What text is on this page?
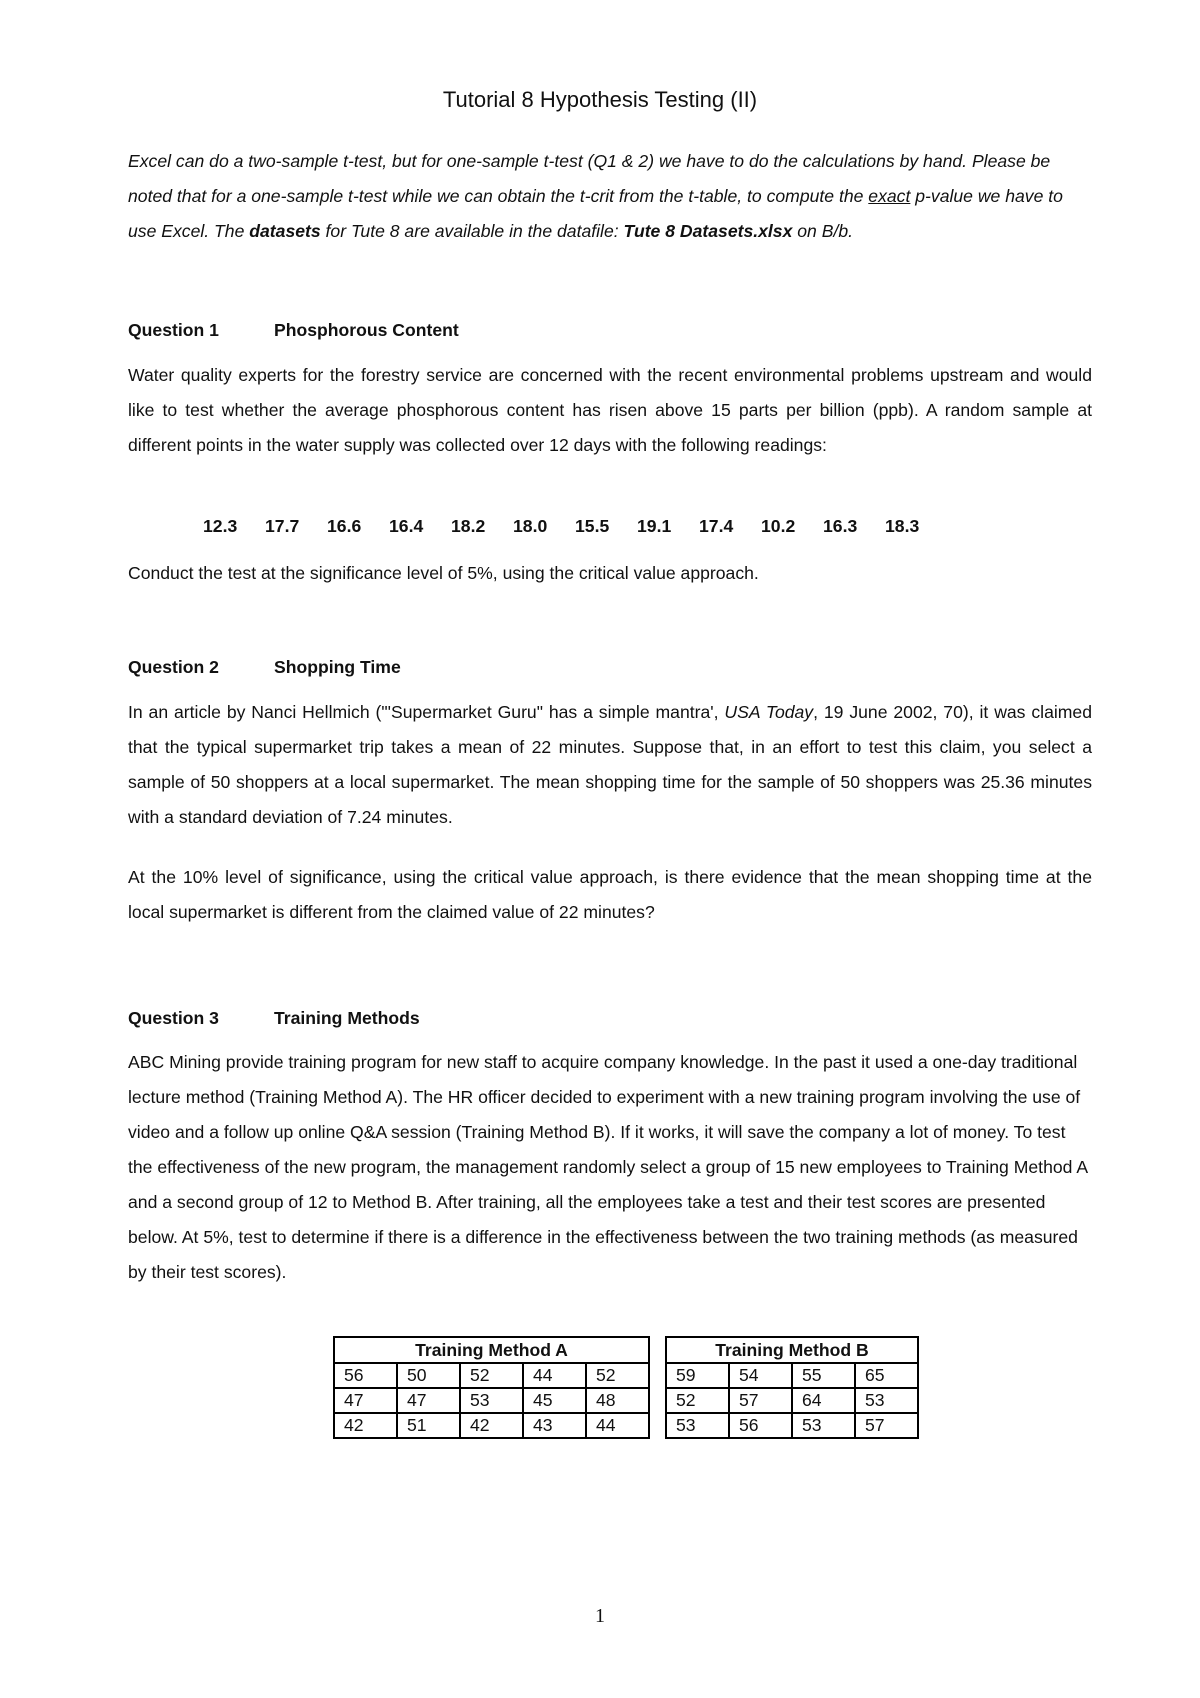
Tutorial 8 Hypothesis Testing (II)
Excel can do a two-sample t-test, but for one-sample t-test (Q1 & 2) we have to do the calculations by hand. Please be noted that for a one-sample t-test while we can obtain the t-crit from the t-table, to compute the exact p-value we have to use Excel. The datasets for Tute 8 are available in the datafile: Tute 8 Datasets.xlsx on B/b.
Question 1	Phosphorous Content
Water quality experts for the forestry service are concerned with the recent environmental problems upstream and would like to test whether the average phosphorous content has risen above 15 parts per billion (ppb). A random sample at different points in the water supply was collected over 12 days with the following readings:
12.3	17.7	16.6	16.4	18.2	18.0	15.5	19.1	17.4	10.2	16.3	18.3
Conduct the test at the significance level of 5%, using the critical value approach.
Question 2	Shopping Time
In an article by Nanci Hellmich ("'Supermarket Guru" has a simple mantra', USA Today, 19 June 2002, 70), it was claimed that the typical supermarket trip takes a mean of 22 minutes. Suppose that, in an effort to test this claim, you select a sample of 50 shoppers at a local supermarket. The mean shopping time for the sample of 50 shoppers was 25.36 minutes with a standard deviation of 7.24 minutes.
At the 10% level of significance, using the critical value approach, is there evidence that the mean shopping time at the local supermarket is different from the claimed value of 22 minutes?
Question 3	Training Methods
ABC Mining provide training program for new staff to acquire company knowledge. In the past it used a one-day traditional lecture method (Training Method A). The HR officer decided to experiment with a new training program involving the use of video and a follow up online Q&A session (Training Method B). If it works, it will save the company a lot of money. To test the effectiveness of the new program, the management randomly select a group of 15 new employees to Training Method A and a second group of 12 to Method B. After training, all the employees take a test and their test scores are presented below. At 5%, test to determine if there is a difference in the effectiveness between the two training methods (as measured by their test scores).
Training Method A				
56	50	52	44	52
47	47	53	45	48
42	51	42	43	44
Training Method B			
59	54	55	65
52	57	64	53
53	56	53	57
1
